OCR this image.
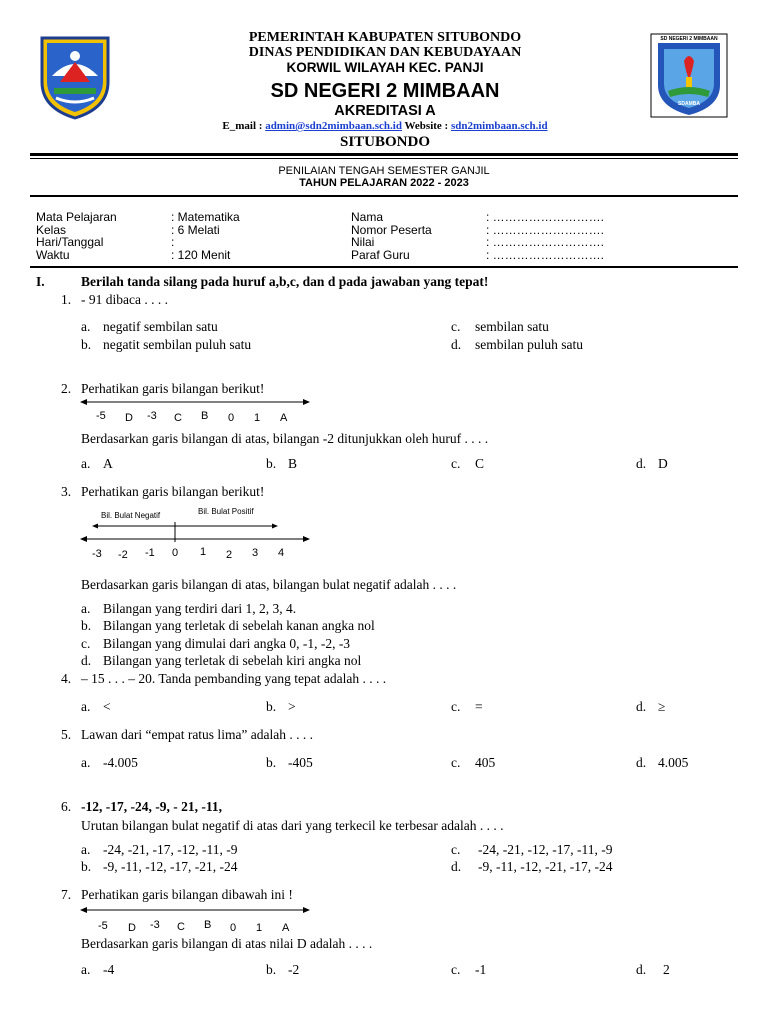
SD NEGERI 2 MIMBAAN
SDAMBA
PEMERINTAH KABUPATEN SITUBONDO
DINAS PENDIDIKAN DAN KEBUDAYAAN
KORWIL WILAYAH KEC. PANJI
SD NEGERI 2 MIMBAAN
AKREDITASI A
E_mail : admin@sdn2mimbaan.sch.id Website : sdn2mimbaan.sch.id
SITUBONDO
PENILAIAN TENGAH SEMESTER GANJIL
TAHUN PELAJARAN 2022 - 2023
Mata Pelajaran	: Matematika
Kelas	: 6 Melati
Hari/Tanggal	:
Waktu	: 120 Menit
Nama	: ……………………….
Nomor Peserta	: ……………………….
Nilai	: ……………………….
Paraf Guru	: ……………………….
I.	Berilah tanda silang pada huruf a,b,c, dan d pada jawaban yang tepat!
1. - 91 dibaca . . . .
a. negatif sembilan satu
b. negatit sembilan puluh satu
c. sembilan satu
d. sembilan puluh satu
2. Perhatikan garis bilangan berikut!
-5 D -3 C B 0 1 A
Berdasarkan garis bilangan di atas, bilangan -2 ditunjukkan oleh huruf . . . .
a. A	b. B	c. C	d. D
3. Perhatikan garis bilangan berikut!
Bil. Bulat Negatif	Bil. Bulat Positif
-3 -2 -1 0 1 2 3 4
Berdasarkan garis bilangan di atas, bilangan bulat negatif adalah . . . .
a. Bilangan yang terdiri dari 1, 2, 3, 4.
b. Bilangan yang terletak di sebelah kanan angka nol
c. Bilangan yang dimulai dari angka 0, -1, -2, -3
d. Bilangan yang terletak di sebelah kiri angka nol
4. – 15 . . . – 20. Tanda pembanding yang tepat adalah . . . .
a. <	b. >	c. =	d. ≥
5. Lawan dari “empat ratus lima” adalah . . . .
a. -4.005	b. -405	c. 405	d. 4.005
6. -12, -17, -24, -9, - 21, -11,
Urutan bilangan bulat negatif di atas dari yang terkecil ke terbesar adalah . . . .
a. -24, -21, -17, -12, -11, -9
b. -9, -11, -12, -17, -21, -24
c. -24, -21, -12, -17, -11, -9
d. -9, -11, -12, -21, -17, -24
7. Perhatikan garis bilangan dibawah ini !
-5 D -3 C B 0 1 A
Berdasarkan garis bilangan di atas nilai D adalah . . . .
a. -4	b. -2	c. -1	d. 2
